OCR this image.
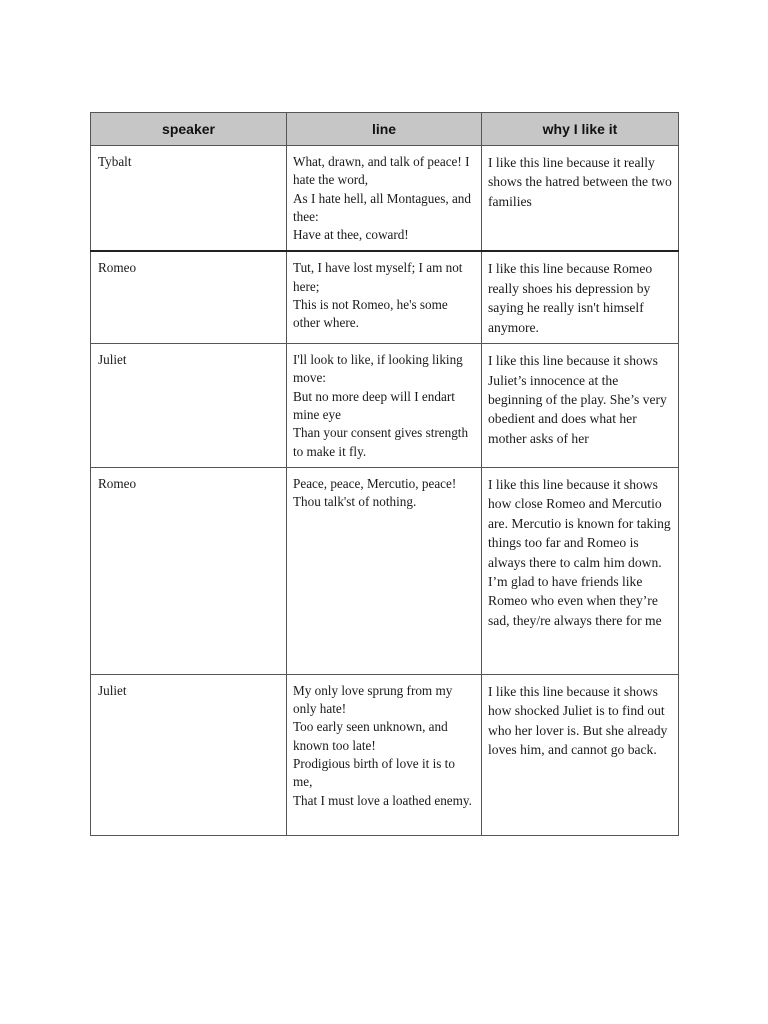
speaker	line	why I like it
Tybalt	What, drawn, and talk of peace! I hate the word,
As I hate hell, all Montagues, and thee:
Have at thee, coward!	I like this line because it really shows the hatred between the two families
Romeo	Tut, I have lost myself; I am not here;
This is not Romeo, he's some other where.	I like this line because Romeo really shoes his depression by saying he really isn't himself anymore.
Juliet	I'll look to like, if looking liking move:
But no more deep will I endart mine eye
Than your consent gives strength to make it fly.	I like this line because it shows Juliet’s innocence at the beginning of the play. She’s very obedient and does what her mother asks of her
Romeo	Peace, peace, Mercutio, peace!
Thou talk'st of nothing.	I like this line because it shows how close Romeo and Mercutio are. Mercutio is known for taking things too far and Romeo is always there to calm him down. I’m glad to have friends like Romeo who even when they’re sad, they/re always there for me
Juliet	My only love sprung from my only hate!
Too early seen unknown, and known too late!
Prodigious birth of love it is to me,
That I must love a loathed enemy.	I like this line because it shows how shocked Juliet is to find out who her lover is. But she already loves him, and cannot go back.
